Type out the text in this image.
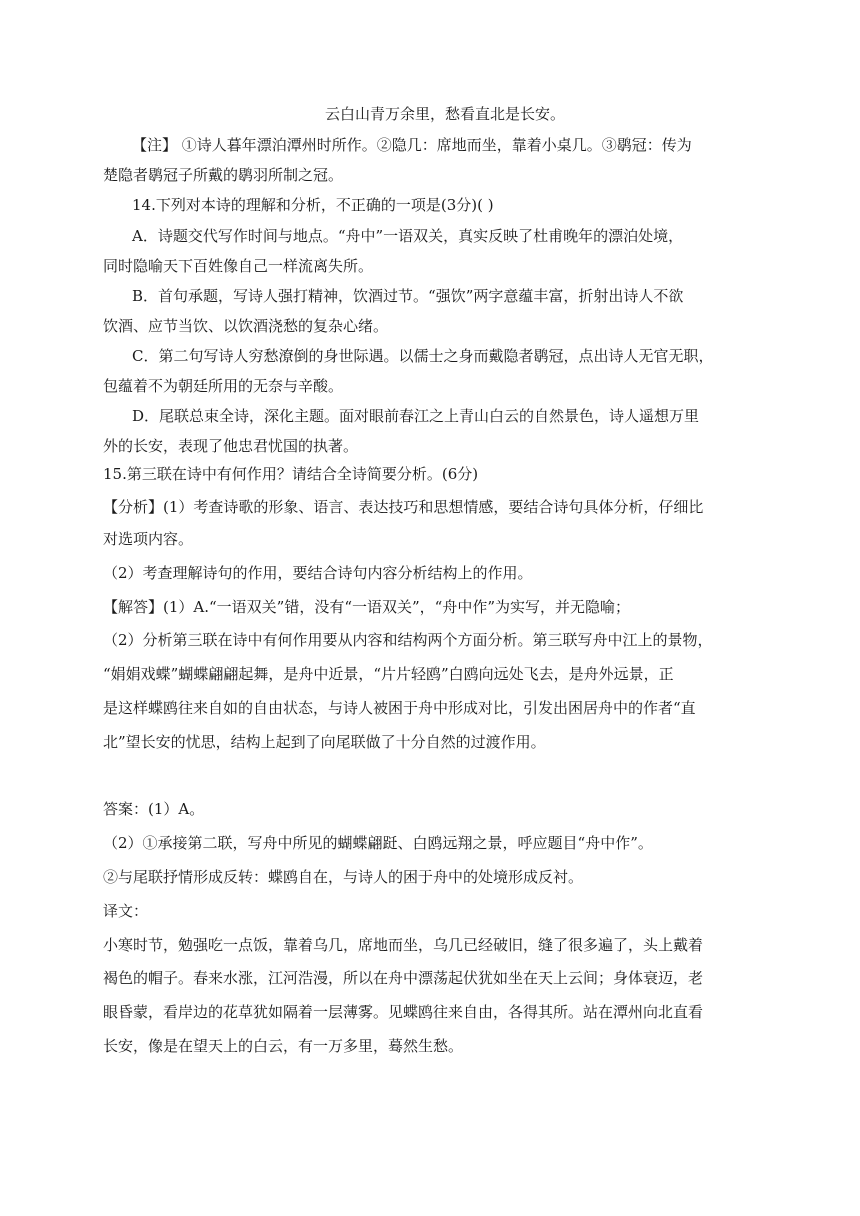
云白山青万余里，愁看直北是长安。
【注】 ①诗人暮年漂泊潭州时所作。②隐几：席地而坐，靠着小桌几。③鹖冠：传为
楚隐者鹖冠子所戴的鹖羽所制之冠。
14.下列对本诗的理解和分析，不正确的一项是(3分)( )
A．诗题交代写作时间与地点。“舟中”一语双关，真实反映了杜甫晚年的漂泊处境，
同时隐喻天下百姓像自己一样流离失所。
B．首句承题，写诗人强打精神，饮酒过节。“强饮”两字意蕴丰富，折射出诗人不欲
饮酒、应节当饮、以饮酒浇愁的复杂心绪。
C．第二句写诗人穷愁潦倒的身世际遇。以儒士之身而戴隐者鹖冠，点出诗人无官无职，
包蕴着不为朝廷所用的无奈与辛酸。
D．尾联总束全诗，深化主题。面对眼前春江之上青山白云的自然景色，诗人遥想万里
外的长安，表现了他忠君忧国的执著。
15.第三联在诗中有何作用？请结合全诗简要分析。(6分)
【分析】(1）考查诗歌的形象、语言、表达技巧和思想情感，要结合诗句具体分析，仔细比
对选项内容。
（2）考查理解诗句的作用，要结合诗句内容分析结构上的作用。
【解答】(1）A.“一语双关”错，没有“一语双关”，“舟中作”为实写，并无隐喻；
（2）分析第三联在诗中有何作用要从内容和结构两个方面分析。第三联写舟中江上的景物，
“娟娟戏蝶”蝴蝶翩翩起舞，是舟中近景，“片片轻鸥”白鸥向远处飞去，是舟外远景，正
是这样蝶鸥往来自如的自由状态，与诗人被困于舟中形成对比，引发出困居舟中的作者“直
北”望长安的忧思，结构上起到了向尾联做了十分自然的过渡作用。
答案：(1）A。
（2）①承接第二联，写舟中所见的蝴蝶翩跹、白鸥远翔之景，呼应题目“舟中作”。
②与尾联抒情形成反转：蝶鸥自在，与诗人的困于舟中的处境形成反衬。
译文：
小寒时节，勉强吃一点饭，靠着乌几，席地而坐，乌几已经破旧，缝了很多遍了，头上戴着
褐色的帽子。春来水涨，江河浩漫，所以在舟中漂荡起伏犹如坐在天上云间；身体衰迈，老
眼昏蒙，看岸边的花草犹如隔着一层薄雾。见蝶鸥往来自由，各得其所。站在潭州向北直看
长安，像是在望天上的白云，有一万多里，蓦然生愁。
